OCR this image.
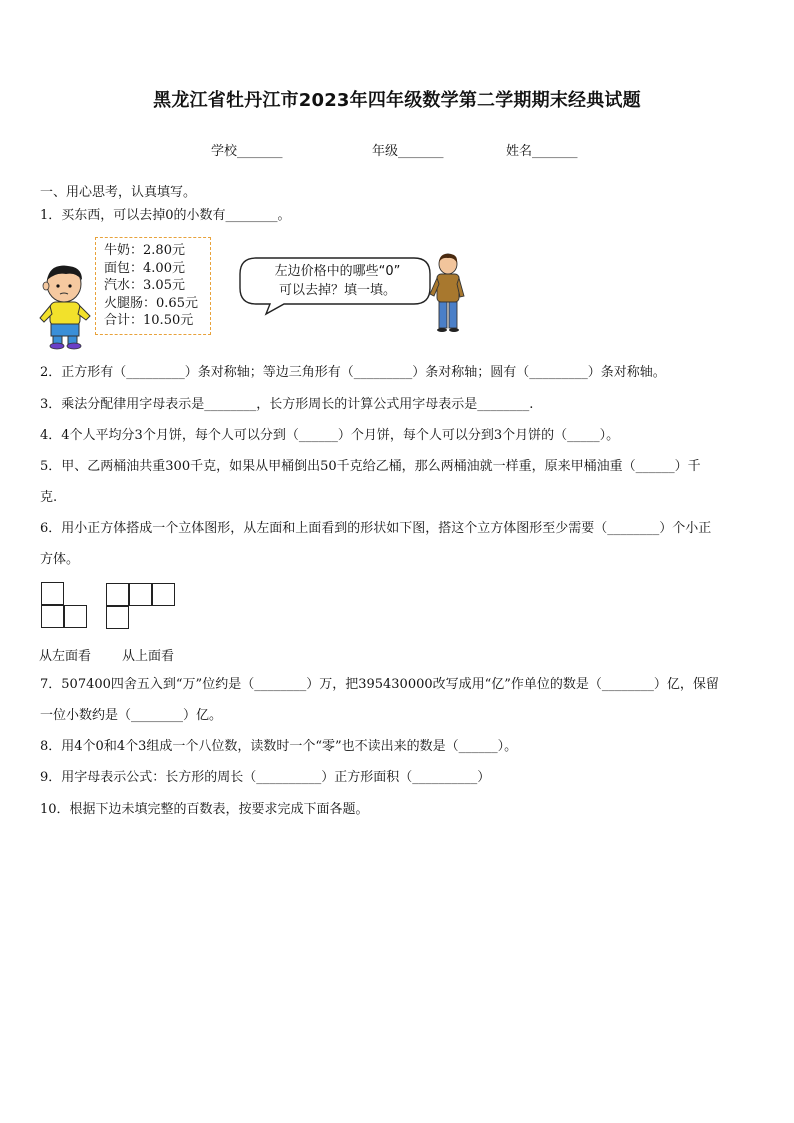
黑龙江省牡丹江市2023年四年级数学第二学期期末经典试题
学校_______	年级_______	姓名_______
一、用心思考，认真填写。
1．买东西，可以去掉0的小数有________。
牛奶： 2.80元
面包： 4.00元
汽水： 3.05元
火腿肠： 0.65元
合计： 10.50元
左边价格中的哪些“0”
可以去掉？填一填。
2．正方形有（_________）条对称轴；等边三角形有（_________）条对称轴；圆有（_________）条对称轴。
3．乘法分配律用字母表示是________，长方形周长的计算公式用字母表示是________.
4．4个人平均分3个月饼，每个人可以分到（______）个月饼，每个人可以分到3个月饼的（_____）。
5．甲、乙两桶油共重300千克，如果从甲桶倒出50千克给乙桶，那么两桶油就一样重，原来甲桶油重（______）千
克.
6．用小正方体搭成一个立体图形，从左面和上面看到的形状如下图，搭这个立方体图形至少需要（________）个小正
方体。
从左面看 从上面看
7．507400四舍五入到“万”位约是（________）万，把395430000改写成用“亿”作单位的数是（________）亿，保留
一位小数约是（________）亿。
8．用4个0和4个3组成一个八位数，读数时一个“零”也不读出来的数是（______）。
9．用字母表示公式：长方形的周长（__________）正方形面积（__________）
10．根据下边未填完整的百数表，按要求完成下面各题。
